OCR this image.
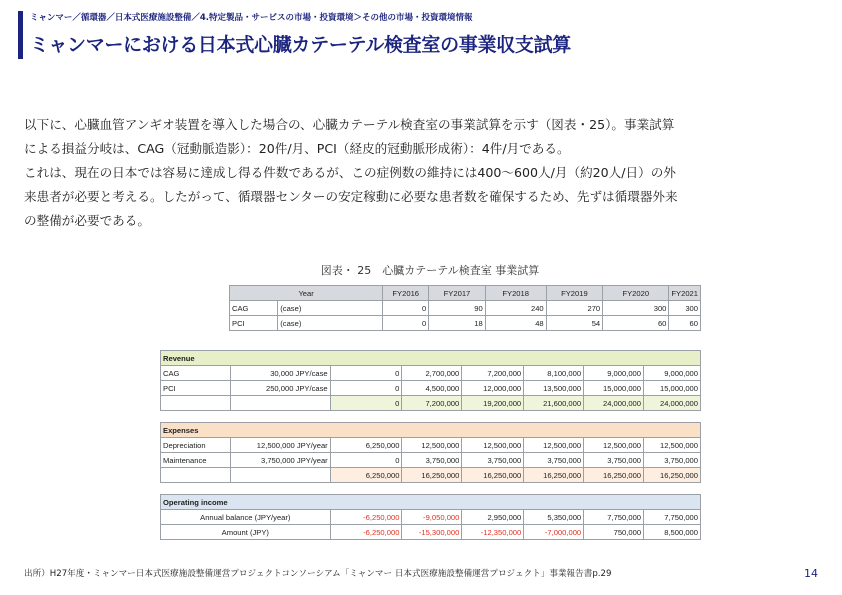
ミャンマー／循環器／日本式医療施設整備／4.特定製品・サービスの市場・投資環境＞その他の市場・投資環境情報
ミャンマーにおける日本式心臓カテーテル検査室の事業収支試算

以下に、心臓血管アンギオ装置を導入した場合の、心臓カテーテル検査室の事業試算を示す（図表・25）。事業試算

による損益分岐は、CAG（冠動脈造影）：20件/月、PCI（経皮的冠動脈形成術）：4件/月である。

これは、現在の日本では容易に達成し得る件数であるが、この症例数の維持には400～600人/月（約20人/日）の外

来患者が必要と考える。したがって、循環器センターの安定稼動に必要な患者数を確保するため、先ずは循環器外来

の整備が必要である。

図表・ 25　心臓カテーテル検査室 事業試算
Year		FY2016	FY2017	FY2018	FY2019	FY2020	FY2021
CAG	(case)	0	90	240	270	300	300
PCI	(case)	0	18	48	54	60	60
Revenue							
CAG	30,000 JPY/case	0	2,700,000	7,200,000	8,100,000	9,000,000	9,000,000
PCI	250,000 JPY/case	0	4,500,000	12,000,000	13,500,000	15,000,000	15,000,000
		0	7,200,000	19,200,000	21,600,000	24,000,000	24,000,000
Expenses							
Depreciation	12,500,000 JPY/year	6,250,000	12,500,000	12,500,000	12,500,000	12,500,000	12,500,000
Maintenance	3,750,000 JPY/year	0	3,750,000	3,750,000	3,750,000	3,750,000	3,750,000
		6,250,000	16,250,000	16,250,000	16,250,000	16,250,000	16,250,000
Operating income						
Annual balance (JPY/year)	-6,250,000	-9,050,000	2,950,000	5,350,000	7,750,000	7,750,000
Amount (JPY)	-6,250,000	-15,300,000	-12,350,000	-7,000,000	750,000	8,500,000
出所）H27年度・ミャンマー日本式医療施設整備運営プロジェクトコンソーシアム「ミャンマー 日本式医療施設整備運営プロジェクト」事業報告書p.29	14
